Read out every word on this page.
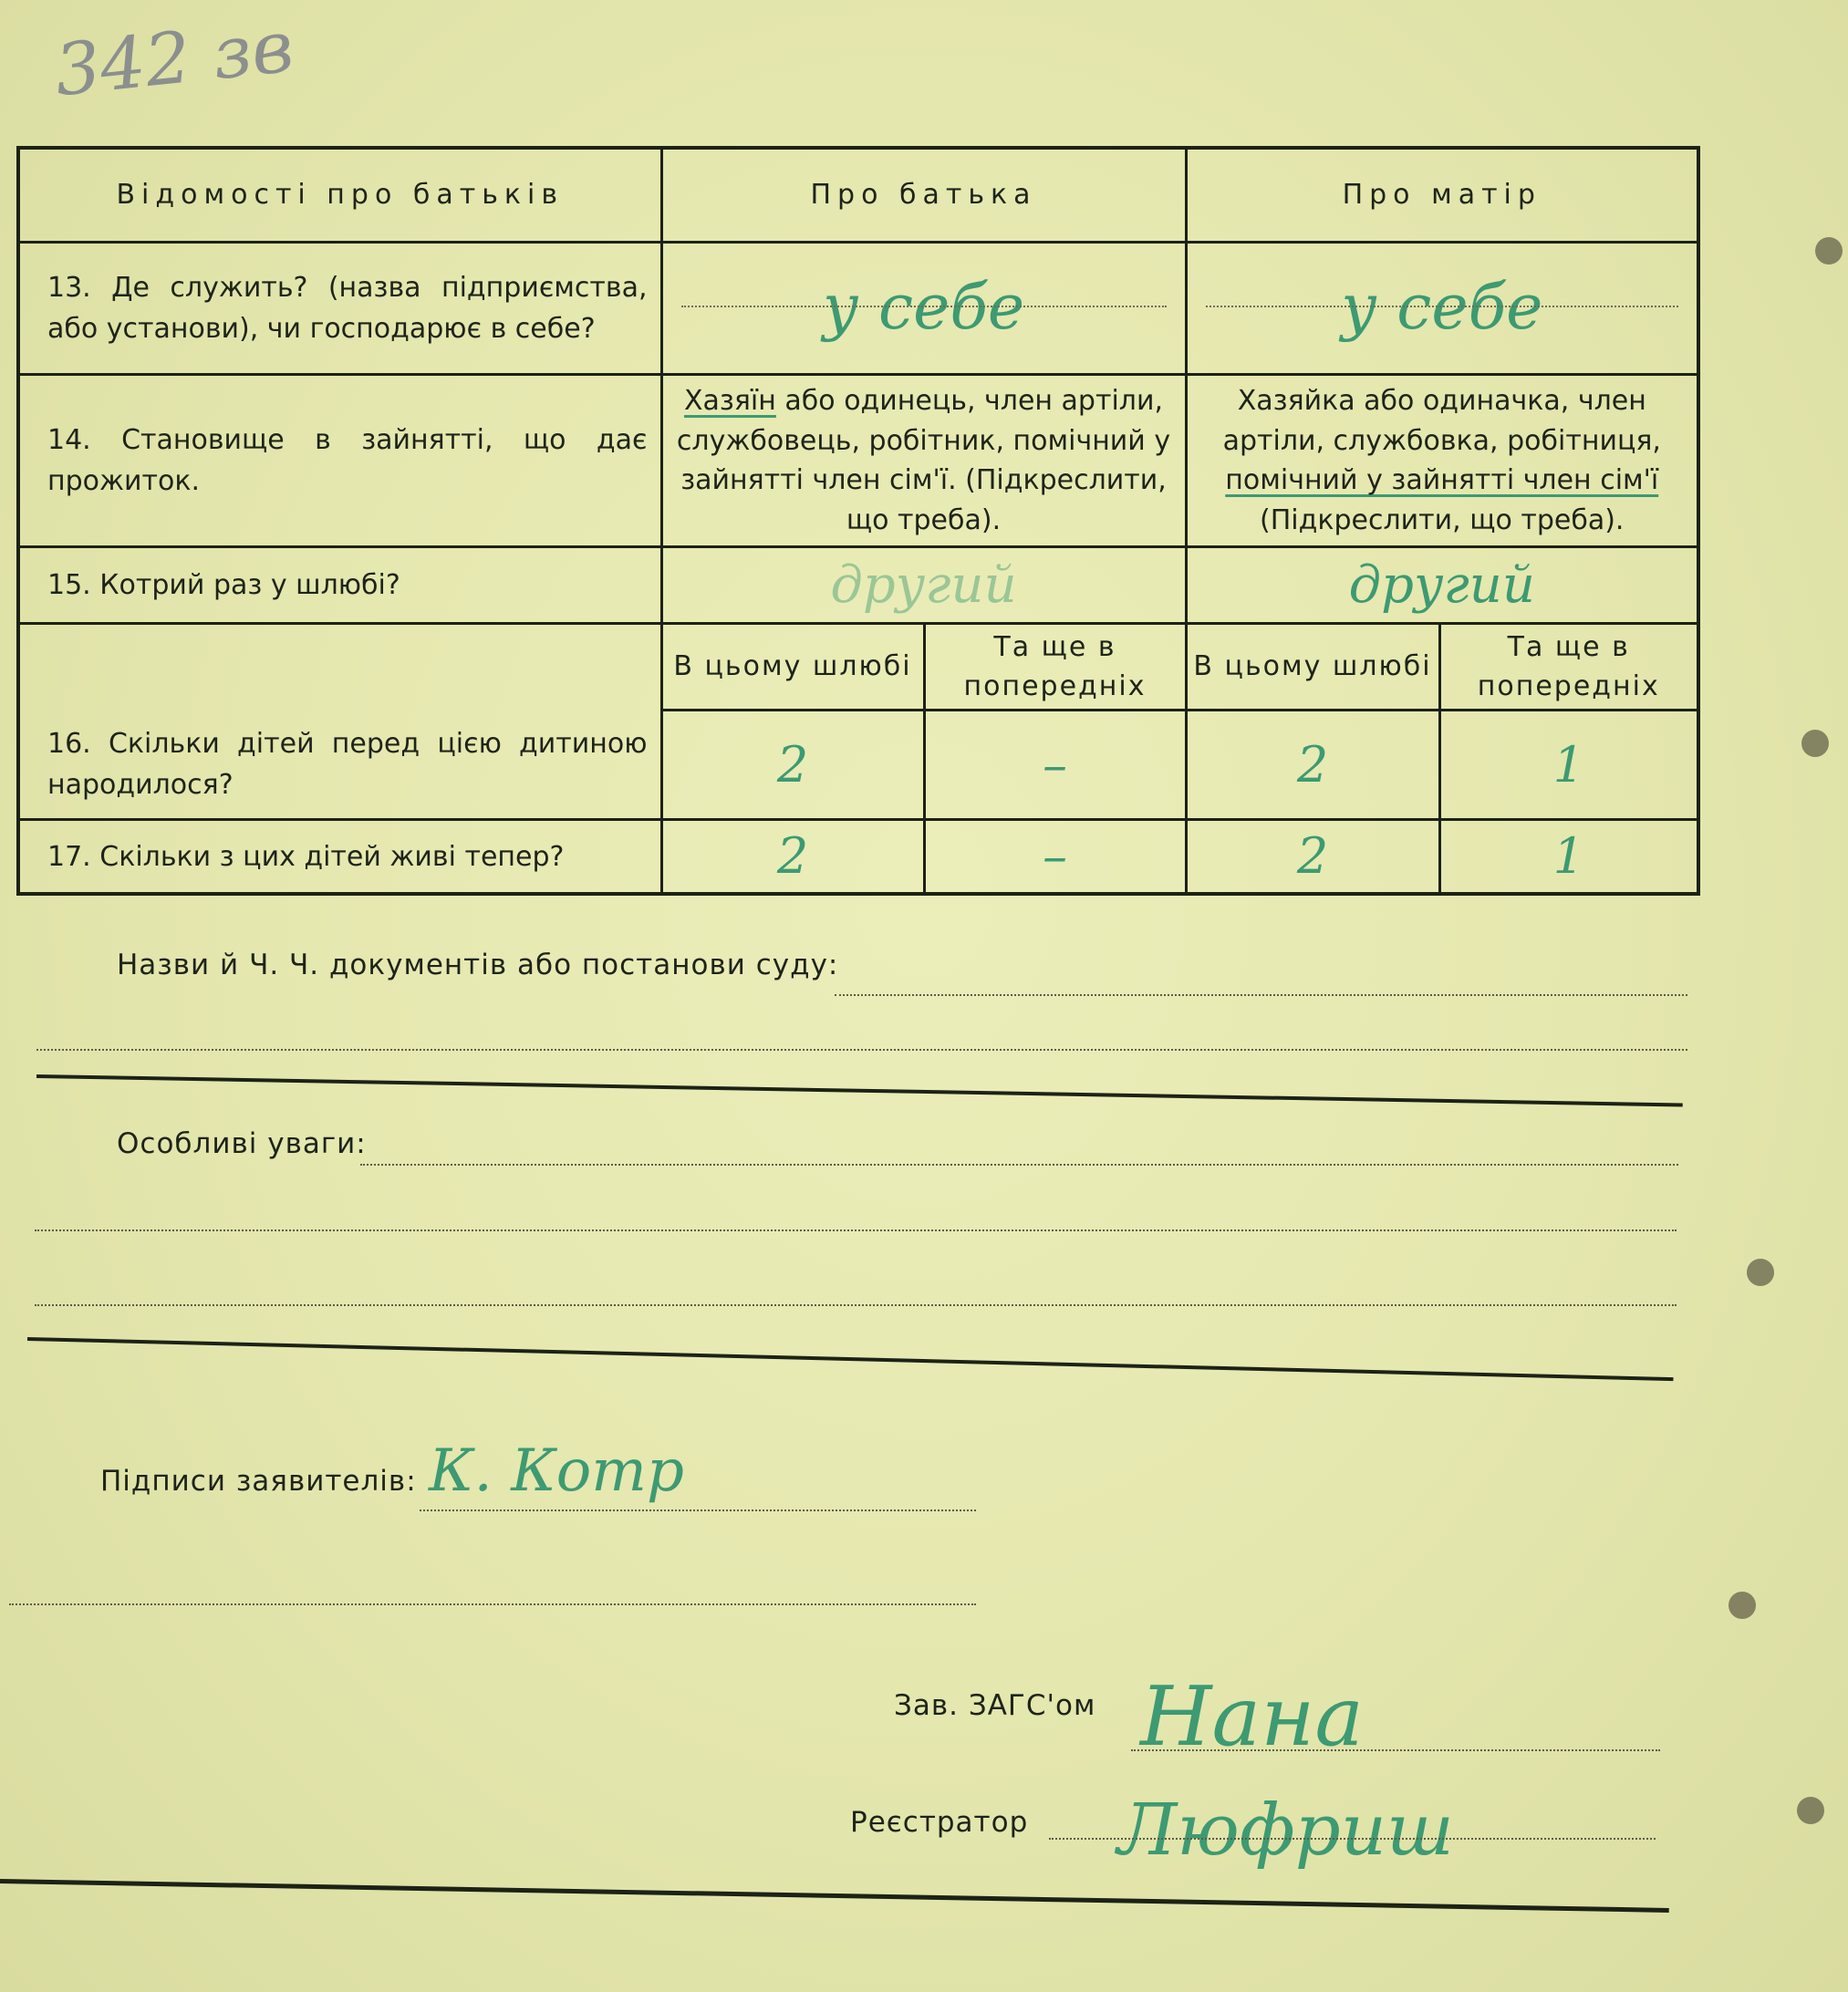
342 зв
Відомості про батьків	Про батька		Про матір	

13. Де служить? (назва підприємства, або установи), чи господарює в себе?	у себе		у себе	

14. Становище в зайнятті, що дає прожиток.	Хазяїн або одинець, член артіли, службовець, робітник, помічний у зайнятті член сім'ї. (Підкреслити, що треба).		Хазяйка або одиначка, член артіли, службовка, робітниця, помічний у зайнятті член сім'ї (Підкреслити, що треба).	

15. Котрий раз у шлюбі?	другий		другий	

16. Скільки дітей перед цією дитиною народилося?	В цьому шлюбі	Та ще в попередніх	В цьому шлюбі	Та ще в попередніх
	2	–	2	1

17. Скільки з цих дітей живі тепер?	2	–	2	1
Назви й Ч. Ч. документів або постанови суду:
Особливі уваги:
Підписи заявителів: К. Котр
Зав. ЗАГС'ом Нана
Реєстратор Люфриш
